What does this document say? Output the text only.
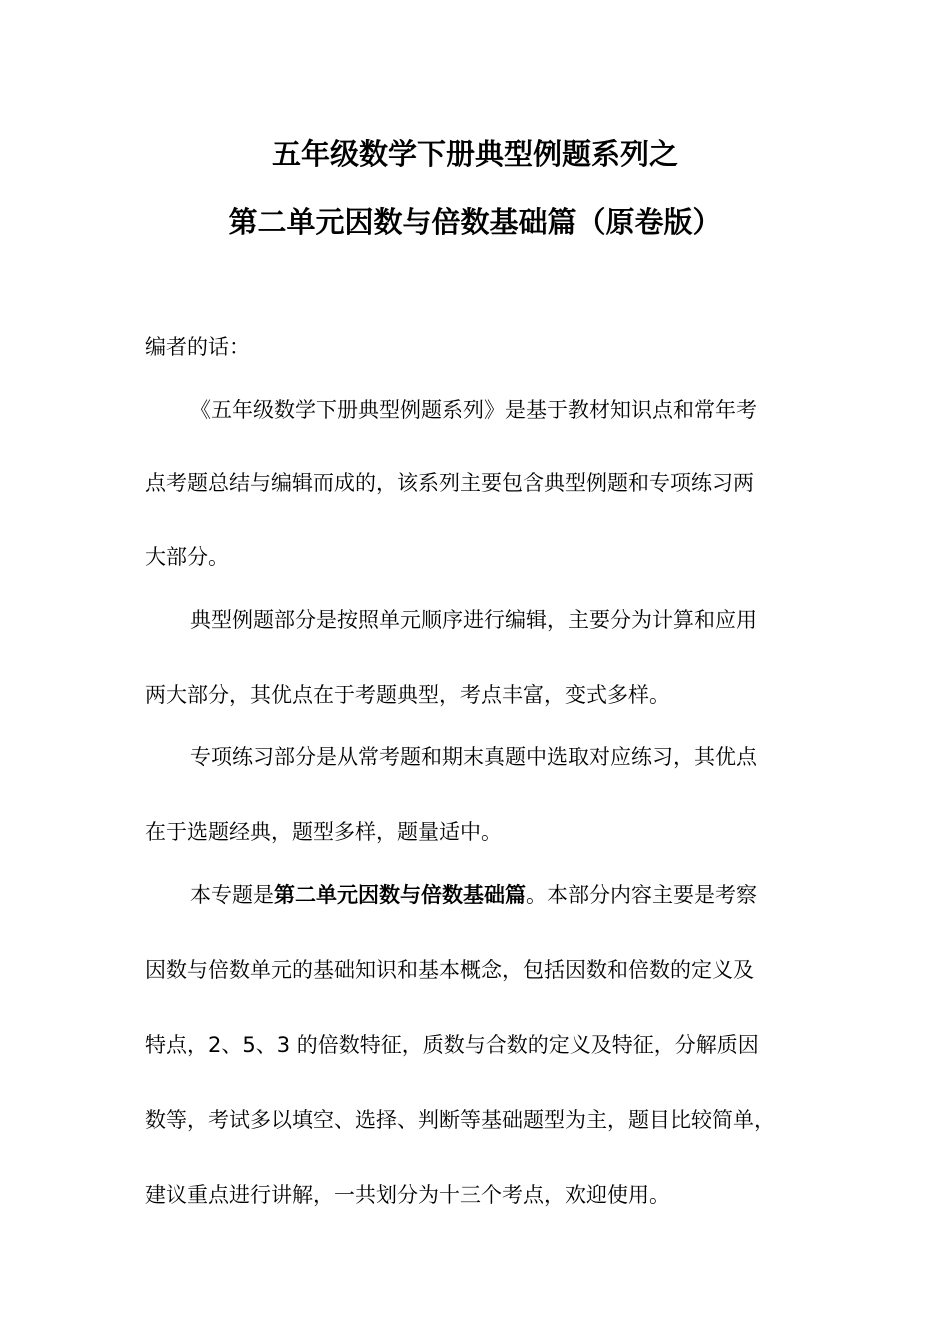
五年级数学下册典型例题系列之
第二单元因数与倍数基础篇（原卷版）
编者的话：
《五年级数学下册典型例题系列》是基于教材知识点和常年考
点考题总结与编辑而成的，该系列主要包含典型例题和专项练习两
大部分。
典型例题部分是按照单元顺序进行编辑，主要分为计算和应用
两大部分，其优点在于考题典型，考点丰富，变式多样。
专项练习部分是从常考题和期末真题中选取对应练习，其优点
在于选题经典，题型多样，题量适中。
本专题是第二单元因数与倍数基础篇。本部分内容主要是考察
因数与倍数单元的基础知识和基本概念，包括因数和倍数的定义及
特点，2、5、3 的倍数特征，质数与合数的定义及特征，分解质因
数等，考试多以填空、选择、判断等基础题型为主，题目比较简单，
建议重点进行讲解，一共划分为十三个考点，欢迎使用。
